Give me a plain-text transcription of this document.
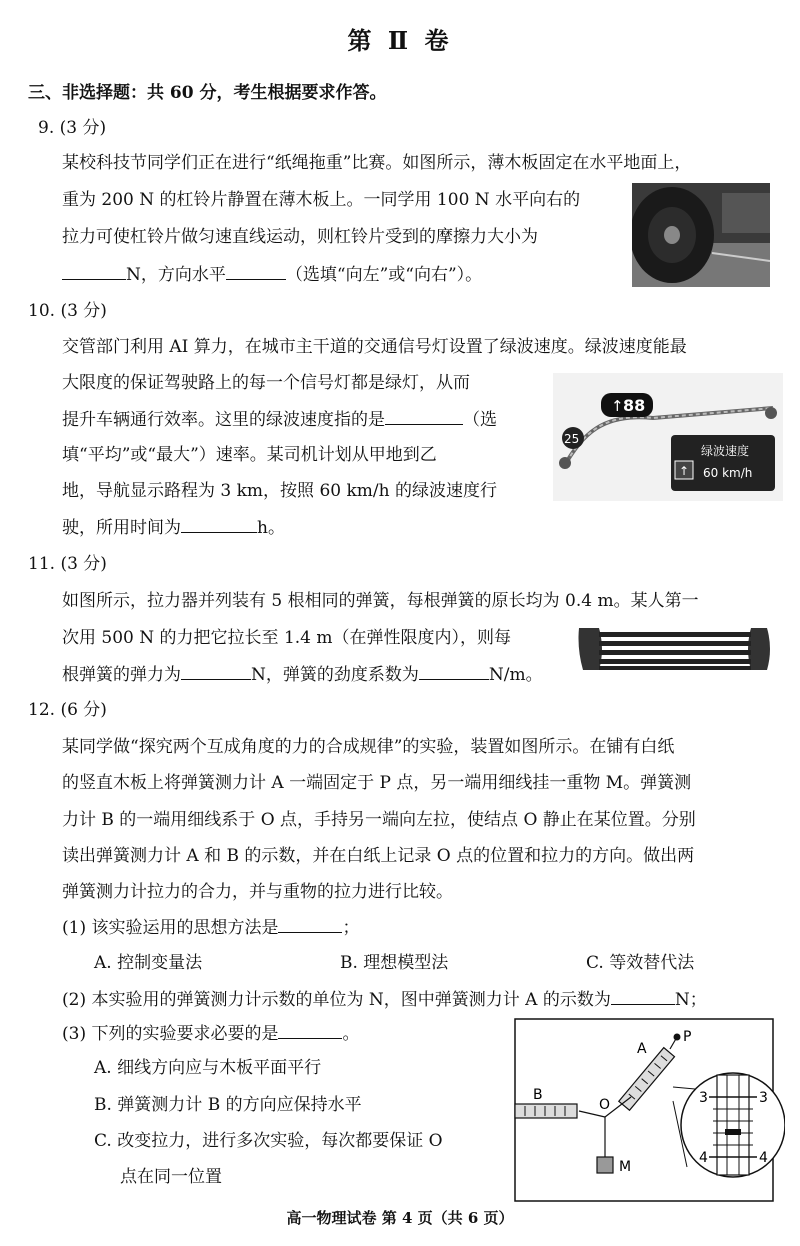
第 Ⅱ 卷
三、非选择题：共 60 分，考生根据要求作答。
9. (3 分)
某校科技节同学们正在进行“纸绳拖重”比赛。如图所示，薄木板固定在水平地面上，
重为 200 N 的杠铃片静置在薄木板上。一同学用 100 N 水平向右的
拉力可使杠铃片做匀速直线运动，则杠铃片受到的摩擦力大小为
N，方向水平	（选填“向左”或“向右”）。
10. (3 分)
交管部门利用 AI 算力，在城市主干道的交通信号灯设置了绿波速度。绿波速度能最
大限度的保证驾驶路上的每一个信号灯都是绿灯，从而
提升车辆通行效率。这里的绿波速度指的是	（选
填“平均”或“最大”）速率。某司机计划从甲地到乙
地，导航显示路程为 3 km，按照 60 km/h 的绿波速度行
驶，所用时间为	h。
↑ 88
25
↑
绿波速度
60 km/h
11. (3 分)
如图所示，拉力器并列装有 5 根相同的弹簧，每根弹簧的原长均为 0.4 m。某人第一
次用 500 N 的力把它拉长至 1.4 m（在弹性限度内），则每
根弹簧的弹力为	N，弹簧的劲度系数为	N/m。
12. (6 分)
某同学做“探究两个互成角度的力的合成规律”的实验，装置如图所示。在铺有白纸
的竖直木板上将弹簧测力计 A 一端固定于 P 点，另一端用细线挂一重物 M。弹簧测
力计 B 的一端用细线系于 O 点，手持另一端向左拉，使结点 O 静止在某位置。分别
读出弹簧测力计 A 和 B 的示数，并在白纸上记录 O 点的位置和拉力的方向。做出两
弹簧测力计拉力的合力，并与重物的拉力进行比较。
(1) 该实验运用的思想方法是	；
A. 控制变量法	B. 理想模型法	C. 等效替代法
(2) 本实验用的弹簧测力计示数的单位为 N，图中弹簧测力计 A 的示数为	N；
(3) 下列的实验要求必要的是	。
A. 细线方向应与木板平面平行
B. 弹簧测力计 B 的方向应保持水平
C. 改变拉力，进行多次实验，每次都要保证 O
点在同一位置
P
A
B
O
M
3	3
4	4
高一物理试卷 第 4 页（共 6 页）
